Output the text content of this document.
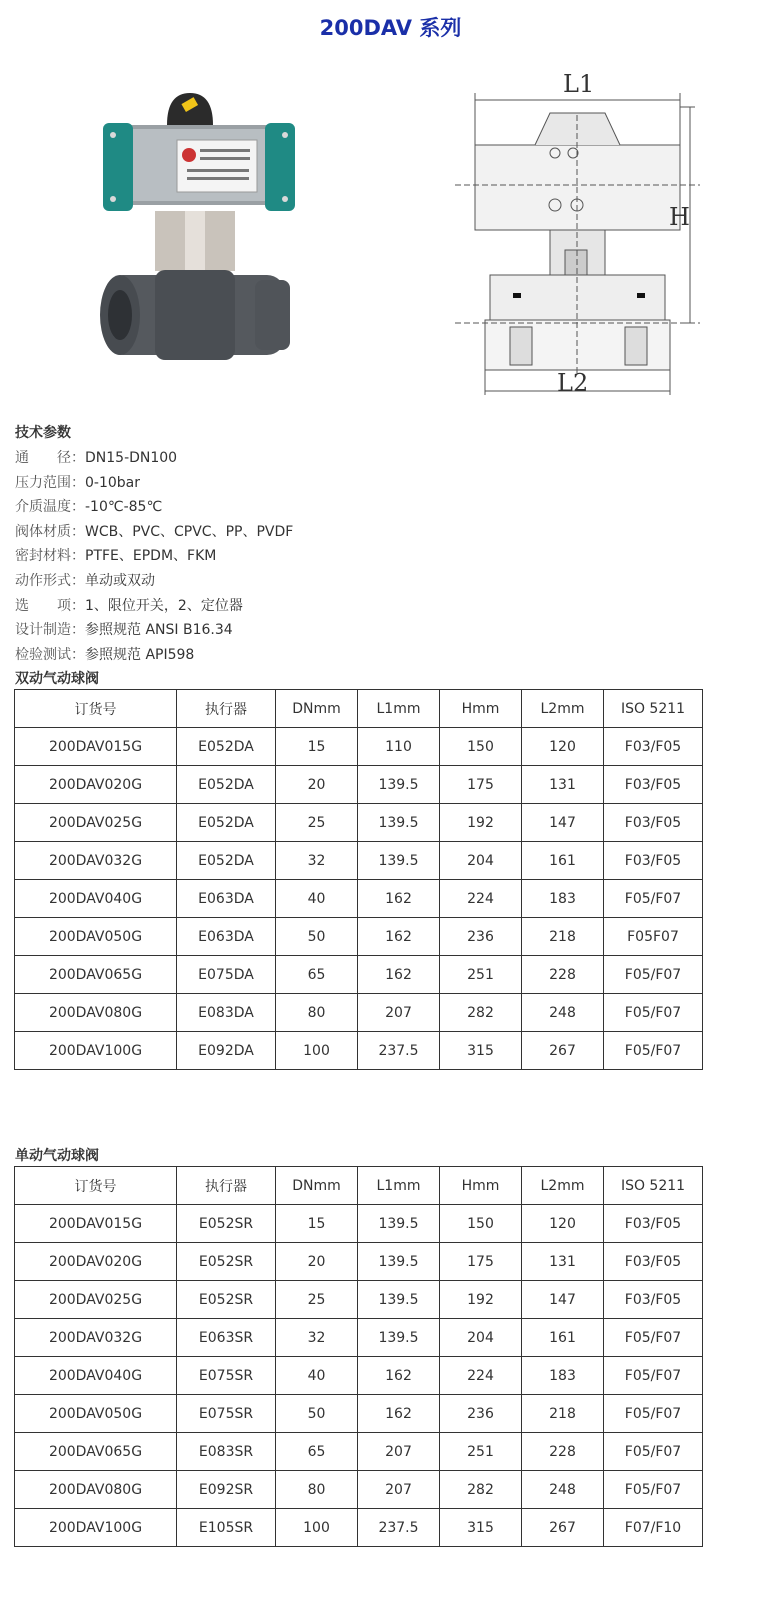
200DAV 系列
L1
H
L2
技术参数
通　　径：DN15-DN100
压力范围：0-10bar
介质温度：-10℃-85℃
阀体材质：WCB、PVC、CPVC、PP、PVDF
密封材料：PTFE、EPDM、FKM
动作形式：单动或双动
选　　项：1、限位开关，2、定位器
设计制造：参照规范 ANSI B16.34
检验测试：参照规范 API598
双动气动球阀
订货号	执行器	DNmm	L1mm	Hmm	L2mm	ISO 5211
200DAV015G	E052DA	15	110	150	120	F03/F05
200DAV020G	E052DA	20	139.5	175	131	F03/F05
200DAV025G	E052DA	25	139.5	192	147	F03/F05
200DAV032G	E052DA	32	139.5	204	161	F03/F05
200DAV040G	E063DA	40	162	224	183	F05/F07
200DAV050G	E063DA	50	162	236	218	F05F07
200DAV065G	E075DA	65	162	251	228	F05/F07
200DAV080G	E083DA	80	207	282	248	F05/F07
200DAV100G	E092DA	100	237.5	315	267	F05/F07
单动气动球阀
订货号	执行器	DNmm	L1mm	Hmm	L2mm	ISO 5211
200DAV015G	E052SR	15	139.5	150	120	F03/F05
200DAV020G	E052SR	20	139.5	175	131	F03/F05
200DAV025G	E052SR	25	139.5	192	147	F03/F05
200DAV032G	E063SR	32	139.5	204	161	F05/F07
200DAV040G	E075SR	40	162	224	183	F05/F07
200DAV050G	E075SR	50	162	236	218	F05/F07
200DAV065G	E083SR	65	207	251	228	F05/F07
200DAV080G	E092SR	80	207	282	248	F05/F07
200DAV100G	E105SR	100	237.5	315	267	F07/F10
